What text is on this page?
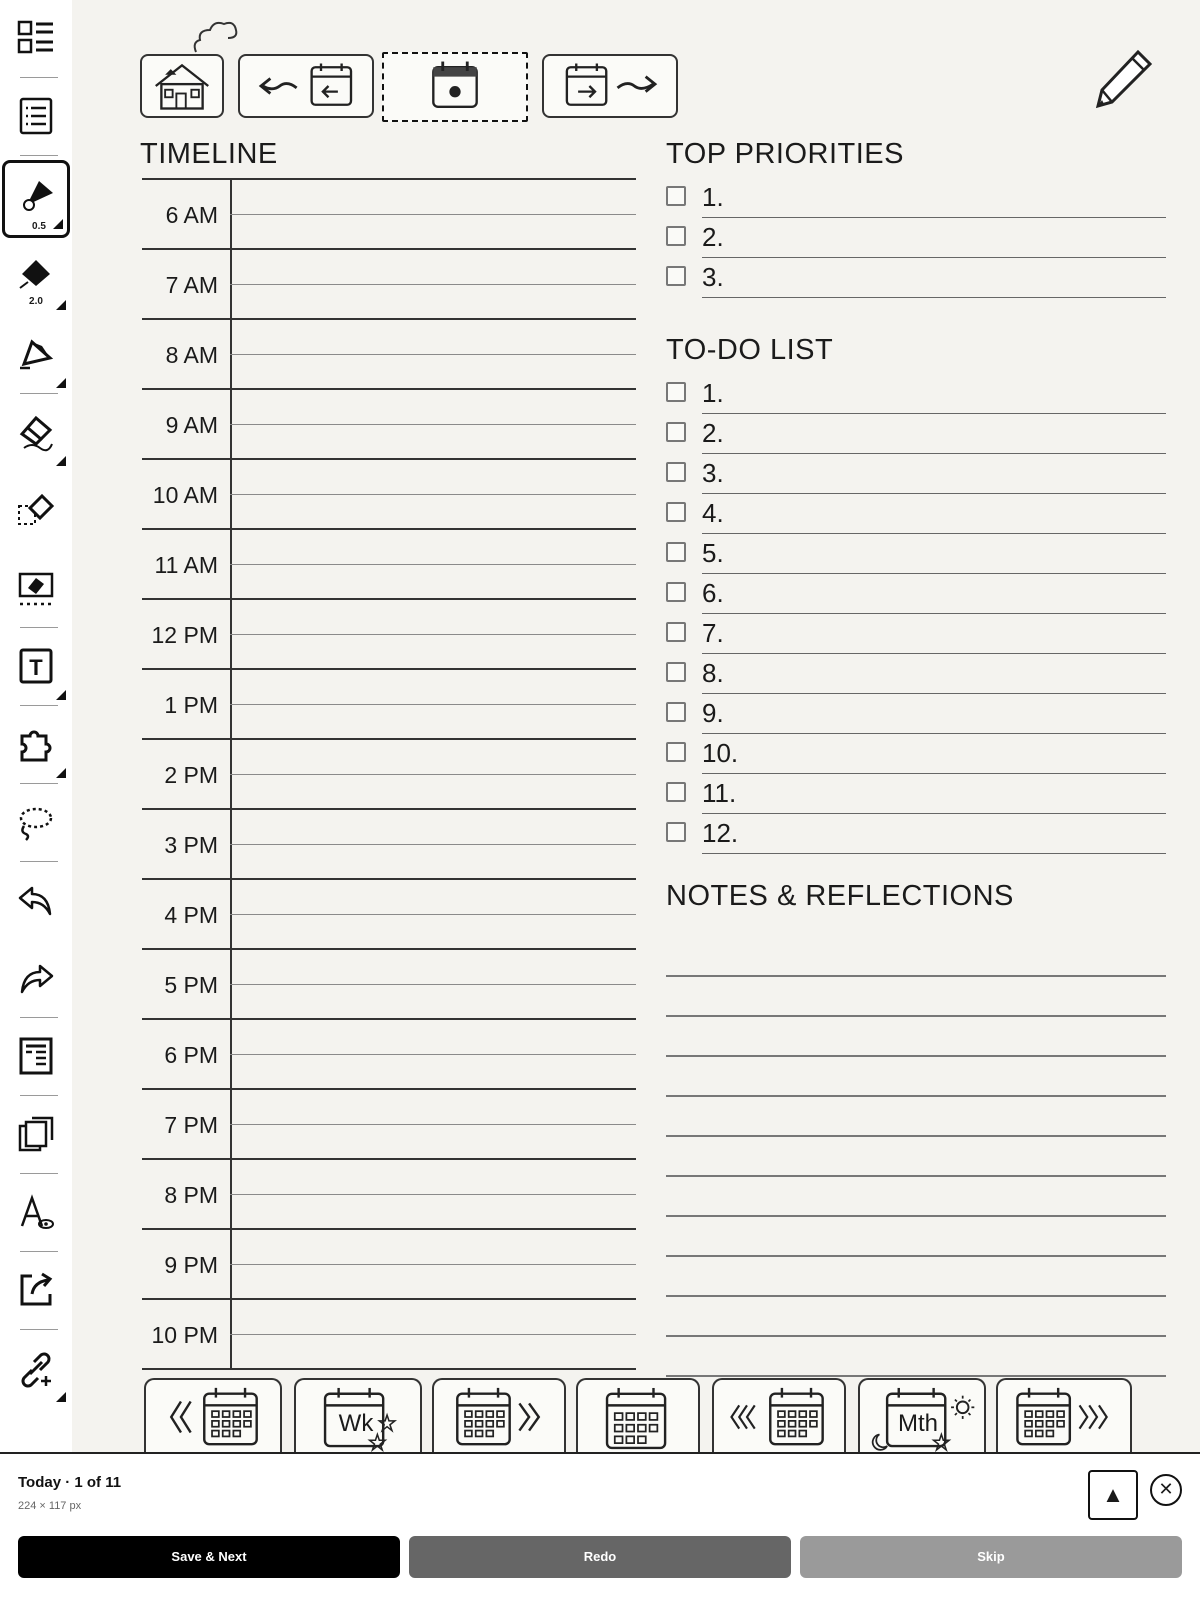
0.5
2.0
T
TIMELINE
6 AM
7 AM
8 AM
9 AM
10 AM
11 AM
12 PM
1 PM
2 PM
3 PM
4 PM
5 PM
6 PM
7 PM
8 PM
9 PM
10 PM
TOP PRIORITIES
1.
2.
3.
TO-DO LIST
1.
2.
3.
4.
5.
6.
7.
8.
9.
10.
11.
12.
NOTES & REFLECTIONS
Wk	Mth
Today · 1 of 11
224 × 117 px	▲	✕
Save & Next	Redo	Skip
